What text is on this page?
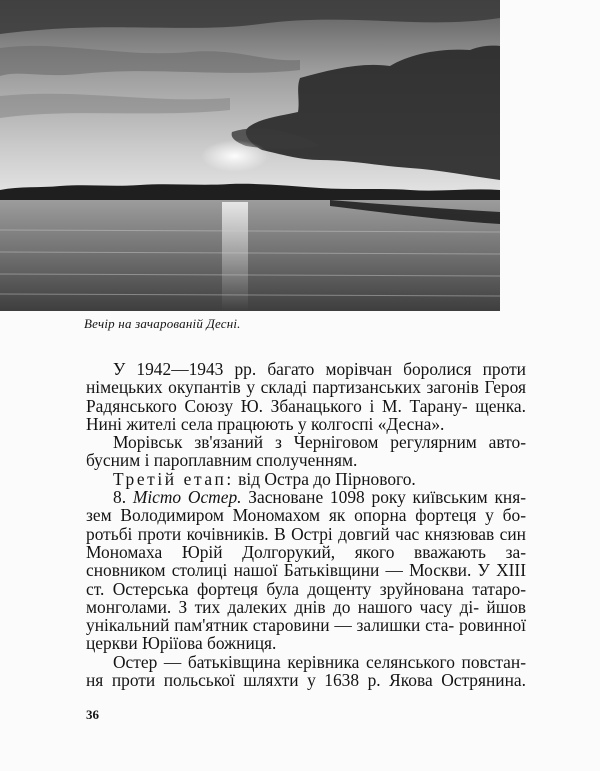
Вечір на зачарованій Десні.

У 1942—1943 рр. багато морівчан боролися проти німецьких окупантів у складі партизанських загонів Героя Радянського Союзу Ю. Збанацького і М. Тарану- щенка. Нині жителі села працюють у колгоспі «Десна».

Морівськ зв'язаний з Черніговом регулярним авто- бусним і пароплавним сполученням.

Третій етап: від Остра до Пірнового.

8. Місто Остер. Засноване 1098 року київським кня- зем Володимиром Мономахом як опорна фортеця у бо- ротьбі проти кочівників. В Острі довгий час князював син Мономаха Юрій Долгорукий, якого вважають за- сновником столиці нашої Батьківщини — Москви. У XIII ст. Остерська фортеця була дощенту зруйнована татаро-монголами. З тих далеких днів до нашого часу ді- йшов унікальний пам'ятник старовини — залишки ста- ровинної церкви Юріїова божниця.

Остер — батьківщина керівника селянського повстан- ня проти польської шляхти у 1638 р. Якова Острянина.

36
